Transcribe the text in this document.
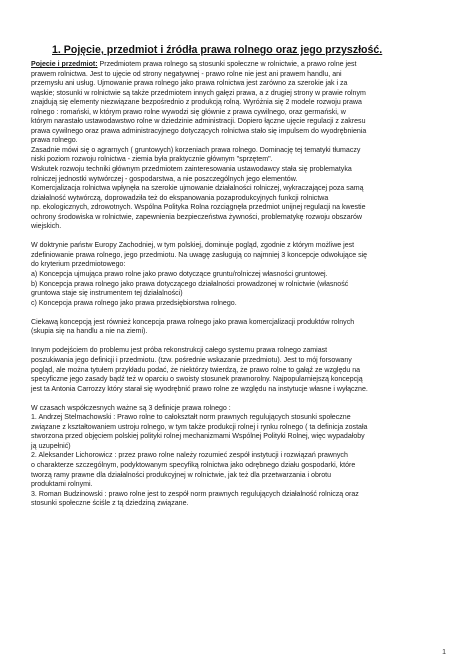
1. Pojęcie, przedmiot i źródła prawa rolnego oraz jego przyszłość.
Pojecie i przedmiot: Przedmiotem prawa rolnego są stosunki społeczne w rolnictwie, a prawo rolne jest
prawem rolnictwa. Jest to ujęcie od strony negatywnej - prawo rolne nie jest ani prawem handlu, ani
przemysłu ani usług. Ujmowanie prawa rolnego jako prawa rolnictwa jest zarówno za szerokie jak i za
wąskie; stosunki w rolnictwie są także przedmiotem innych gałęzi prawa, a z drugiej strony w prawie rolnym
znajdują się elementy niezwiązane bezpośrednio z produkcją rolną. Wyróżnia się 2 modele rozwoju prawa
rolnego : romański, w którym prawo rolne wywodzi się głównie z prawa cywilnego, oraz germański, w
którym narastało ustawodawstwo rolne w dziedzinie administracji. Dopiero łączne ujęcie regulacji z zakresu
prawa cywilnego oraz prawa administracyjnego dotyczących rolnictwa stało się impulsem do wyodrębnienia
prawa rolnego.
Zasadnie mówi się o agrarnych ( gruntowych) korzeniach prawa rolnego. Dominację tej tematyki tłumaczy
niski poziom rozwoju rolnictwa - ziemia była praktycznie głównym "sprzętem".
Wskutek rozwoju techniki głównym przedmiotem zainteresowania ustawodawcy stała się problematyka
rolniczej jednostki wytwórczej - gospodarstwa, a nie poszczególnych jego elementów.
Komercjalizacja rolnictwa wpłynęła na szerokie ujmowanie działalności rolniczej, wykraczającej poza samą
działalność wytwórczą, doprowadziła też do ekspanowania pozaprodukcyjnych funkcji rolnictwa
np. ekologicznych, zdrowotnych. Wspólna Polityka Rolna rozciągnęła przedmiot unijnej regulacji na kwestie
ochrony środowiska w rolnictwie, zapewnienia bezpieczeństwa żywności, problematykę rozwoju obszarów
wiejskich.
W doktrynie państw Europy Zachodniej, w tym polskiej, dominuje pogląd, zgodnie z którym możliwe jest
zdefiniowanie prawa rolnego, jego przedmiotu. Na uwagę zasługują co najmniej 3 koncepcje odwołujące się
do kryterium przedmiotowego:
a) Koncepcja ujmująca prawo rolne jako prawo dotyczące gruntu/rolniczej własności gruntowej.
b) Koncepcja prawa rolnego jako prawa dotyczącego działalności prowadzonej w rolnictwie (własność
gruntowa staje się instrumentem tej działalności)
c) Koncepcja prawa rolnego jako prawa przedsiębiorstwa rolnego.
Ciekawą koncepcją jest również koncepcja prawa rolnego jako prawa komercjalizacji produktów rolnych
(skupia się na handlu a nie na ziemi).
Innym podejściem do problemu jest próba rekonstrukcji całego systemu prawa rolnego zamiast
poszukiwania jego definicji i przedmiotu. (tzw. pośrednie wskazanie przedmiotu). Jest to mój forsowany
pogląd, ale można tytułem przykładu podać, że niektórzy twierdzą, że prawo rolne to gałąź ze względu na
specyficzne jego zasady bądź też w oparciu o swoisty stosunek prawnorolny. Najpopularniejszą koncepcją
jest ta Antonia Carrozzy który starał się wyodrębnić prawo rolne ze względu na instytucje własne i wyłączne.
W czasach współczesnych ważne są 3 definicje prawa rolnego :
1. Andrzej Stelmachowski : Prawo rolne to całokształt norm prawnych regulujących stosunki społeczne
związane z kształtowaniem ustroju rolnego, w tym także produkcji rolnej i rynku rolnego ( ta definicja została
stworzona przed objęciem polskiej polityki rolnej mechanizmami Wspólnej Polityki Rolnej, więc wypadałoby
ją uzupełnić)
2. Aleksander Lichorowicz : przez prawo rolne należy rozumieć zespół instytucji i rozwiązań prawnych
o charakterze szczególnym, podyktowanym specyfiką rolnictwa jako odrębnego działu gospodarki, które
tworzą ramy prawne dla działalności produkcyjnej w rolnictwie, jak też dla przetwarzania i obrotu
produktami rolnymi.
3. Roman Budzinowski : prawo rolne jest to zespół norm prawnych regulujących działalność rolniczą oraz
stosunki społeczne ściśle z tą dziedziną związane.
1
